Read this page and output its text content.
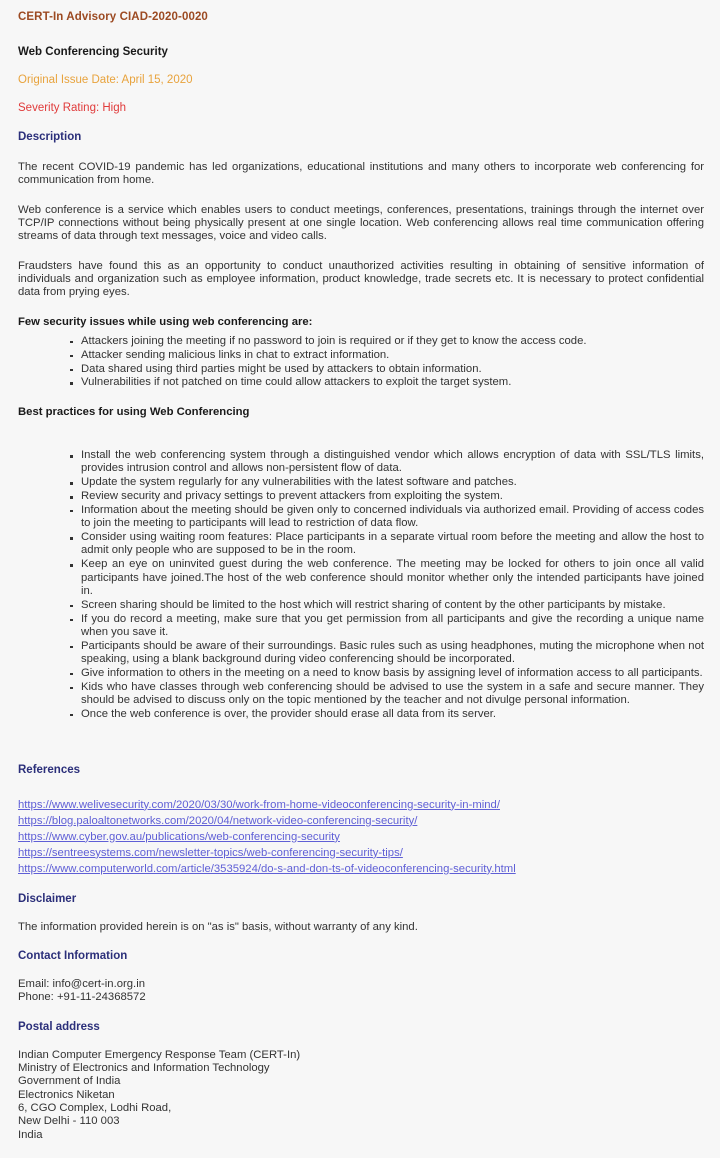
CERT-In Advisory CIAD-2020-0020
Web Conferencing Security
Original Issue Date: April 15, 2020
Severity Rating: High
Description

The recent COVID-19 pandemic has led organizations, educational institutions and many others to incorporate web conferencing for communication from home.

Web conference is a service which enables users to conduct meetings, conferences, presentations, trainings through the internet over TCP/IP connections without being physically present at one single location. Web conferencing allows real time communication offering streams of data through text messages, voice and video calls.

Fraudsters have found this as an opportunity to conduct unauthorized activities resulting in obtaining of sensitive information of individuals and organization such as employee information, product knowledge, trade secrets etc. It is necessary to protect confidential data from prying eyes.

Few security issues while using web conferencing are:

Attackers joining the meeting if no password to join is required or if they get to know the access code.
Attacker sending malicious links in chat to extract information.
Data shared using third parties might be used by attackers to obtain information.
Vulnerabilities if not patched on time could allow attackers to exploit the target system.

Best practices for using Web Conferencing

Install the web conferencing system through a distinguished vendor which allows encryption of data with SSL/TLS limits, provides intrusion control and allows non-persistent flow of data.
Update the system regularly for any vulnerabilities with the latest software and patches.
Review security and privacy settings to prevent attackers from exploiting the system.
Information about the meeting should be given only to concerned individuals via authorized email. Providing of access codes to join the meeting to participants will lead to restriction of data flow.
Consider using waiting room features: Place participants in a separate virtual room before the meeting and allow the host to admit only people who are supposed to be in the room.
Keep an eye on uninvited guest during the web conference. The meeting may be locked for others to join once all valid participants have joined.The host of the web conference should monitor whether only the intended participants have joined in.
Screen sharing should be limited to the host which will restrict sharing of content by the other participants by mistake.
If you do record a meeting, make sure that you get permission from all participants and give the recording a unique name when you save it.
Participants should be aware of their surroundings. Basic rules such as using headphones, muting the microphone when not speaking, using a blank background during video conferencing should be incorporated.
Give information to others in the meeting on a need to know basis by assigning level of information access to all participants.
Kids who have classes through web conferencing should be advised to use the system in a safe and secure manner. They should be advised to discuss only on the topic mentioned by the teacher and not divulge personal information.
Once the web conference is over, the provider should erase all data from its server.
References
https://www.welivesecurity.com/2020/03/30/work-from-home-videoconferencing-security-in-mind/
https://blog.paloaltonetworks.com/2020/04/network-video-conferencing-security/
https://www.cyber.gov.au/publications/web-conferencing-security
https://sentreesystems.com/newsletter-topics/web-conferencing-security-tips/
https://www.computerworld.com/article/3535924/do-s-and-don-ts-of-videoconferencing-security.html
Disclaimer

The information provided herein is on "as is" basis, without warranty of any kind.

Contact Information
Email: info@cert-in.org.in
Phone: +91-11-24368572
Postal address
Indian Computer Emergency Response Team (CERT-In)
Ministry of Electronics and Information Technology
Government of India
Electronics Niketan
6, CGO Complex, Lodhi Road,
New Delhi - 110 003
India
